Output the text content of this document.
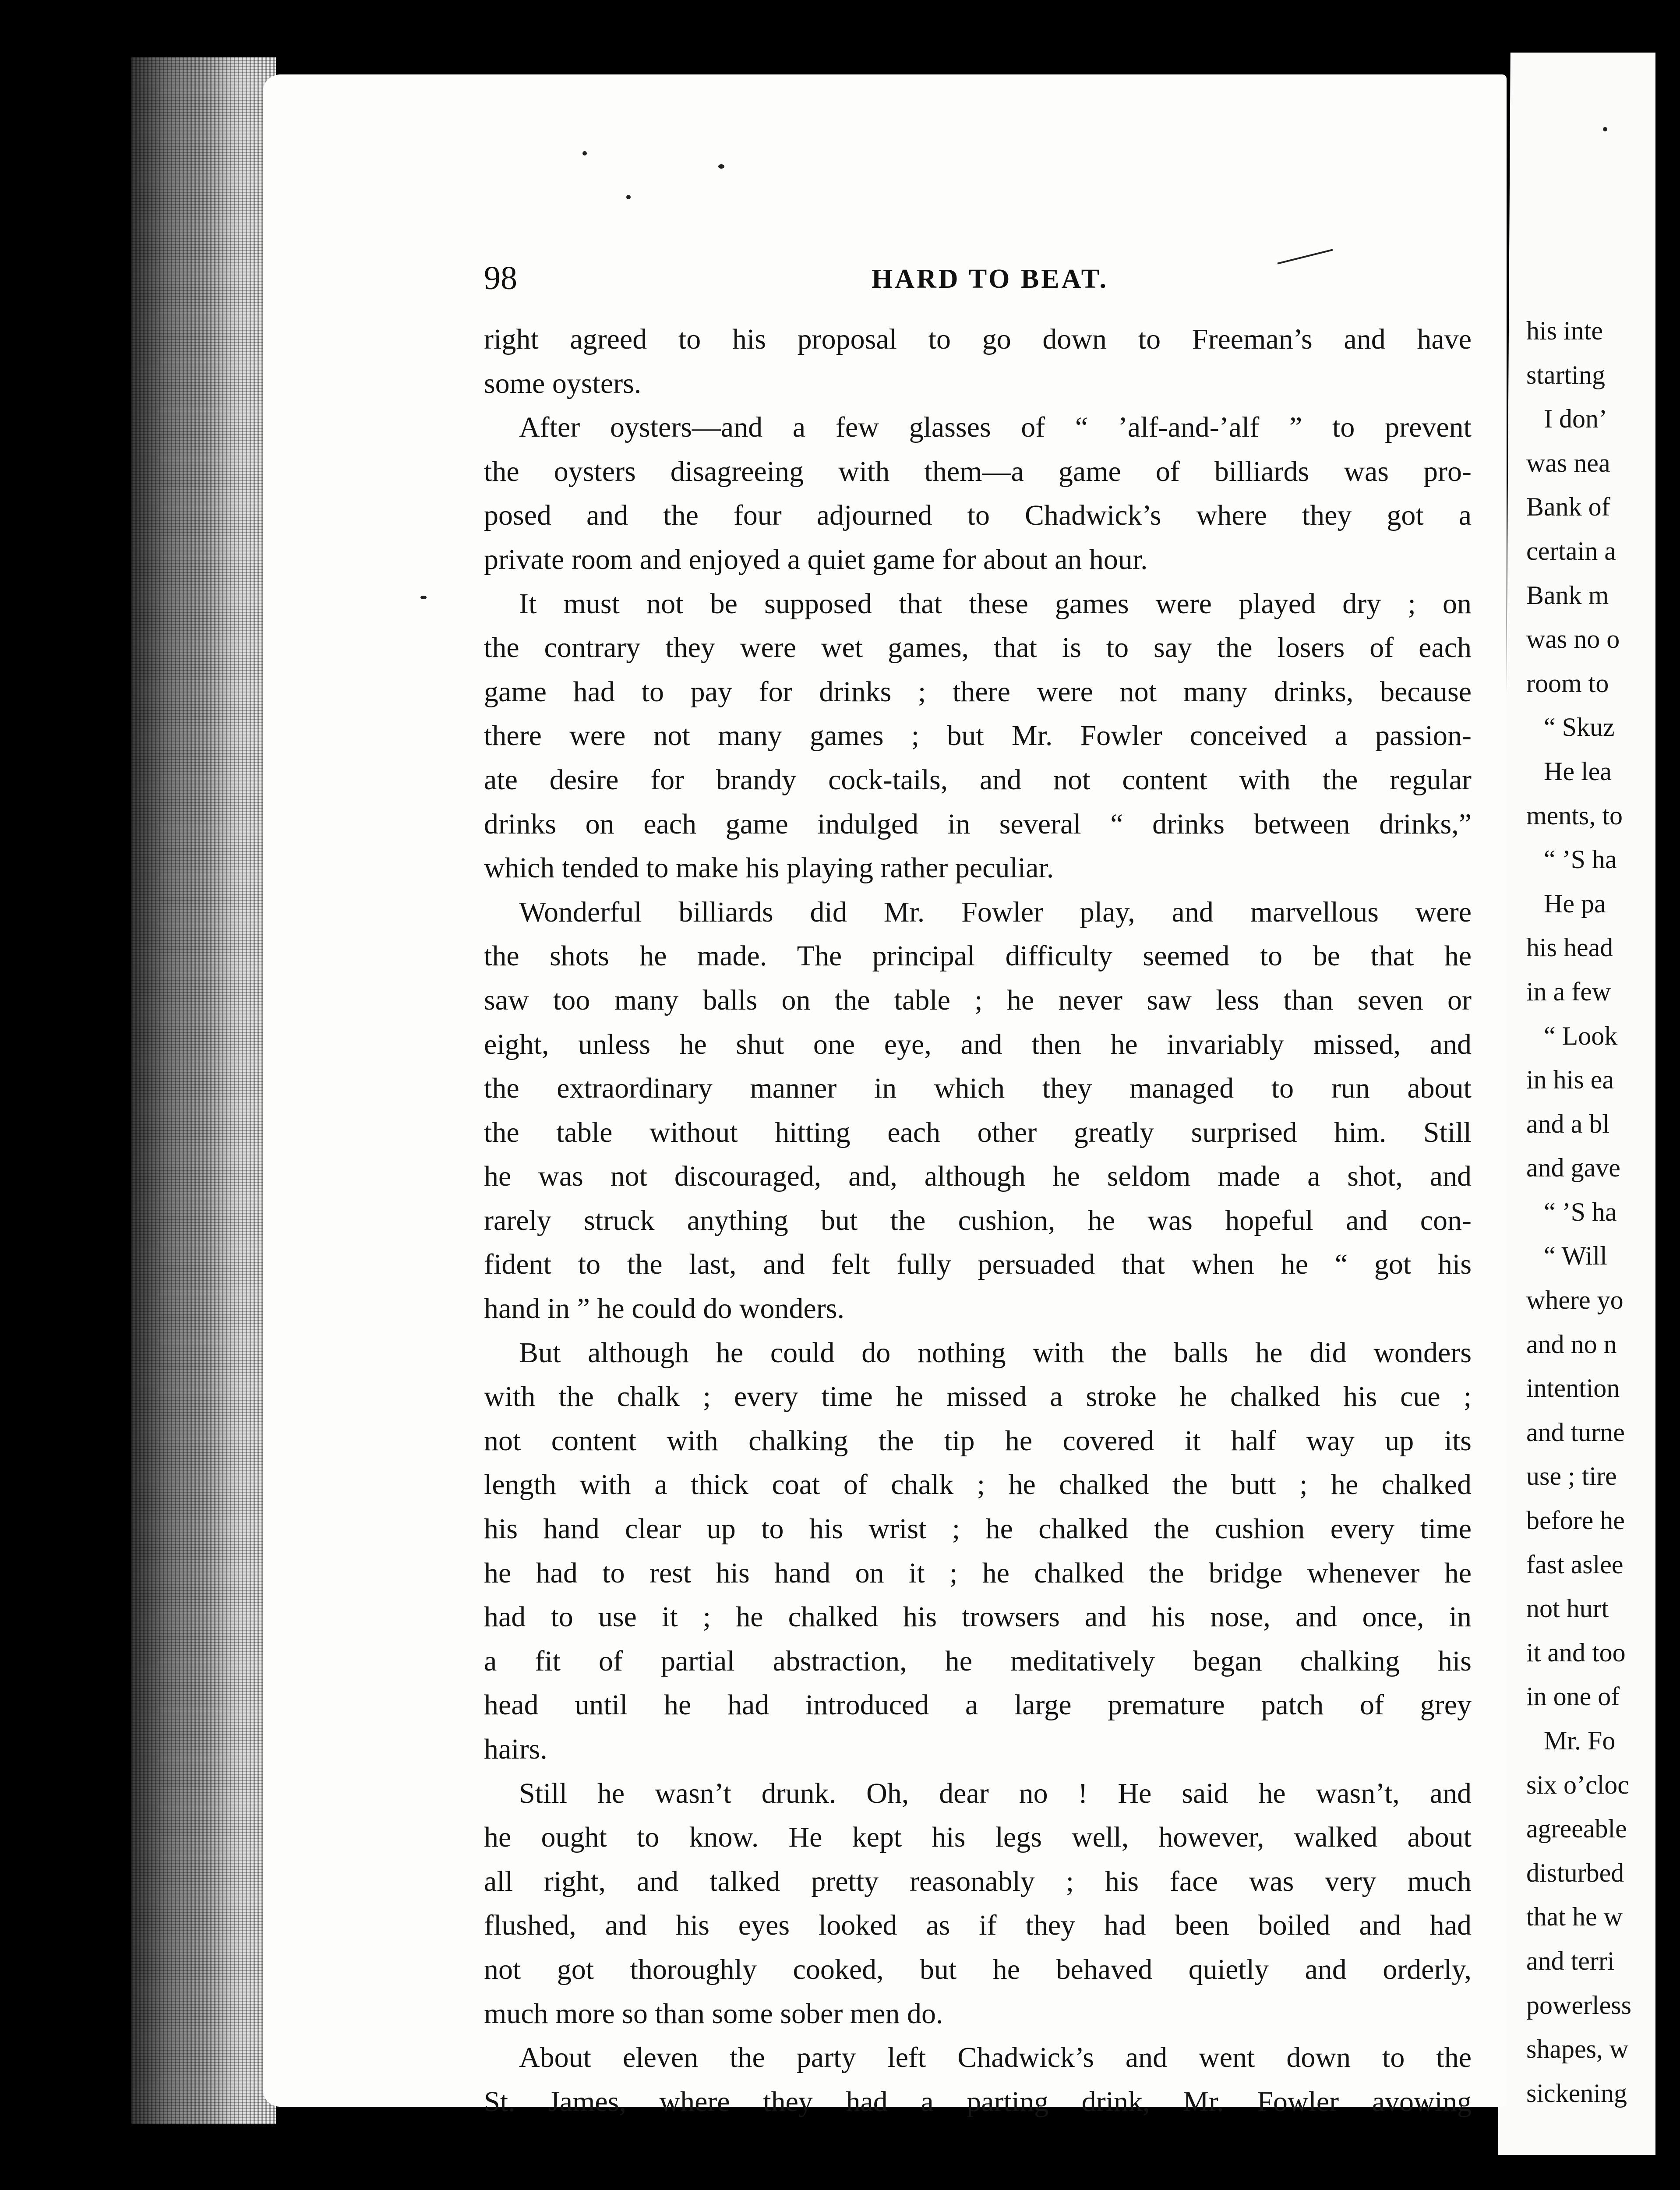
98	HARD TO BEAT.
right agreed to his proposal to go down to Freeman’s and have
some oysters.
After oysters—and a few glasses of “ ’alf-and-’alf ” to prevent
the oysters disagreeing with them—a game of billiards was pro-
posed and the four adjourned to Chadwick’s where they got a
private room and enjoyed a quiet game for about an hour.
It must not be supposed that these games were played dry ; on
the contrary they were wet games, that is to say the losers of each
game had to pay for drinks ; there were not many drinks, because
there were not many games ; but Mr. Fowler conceived a passion-
ate desire for brandy cock-tails, and not content with the regular
drinks on each game indulged in several “ drinks between drinks,”
which tended to make his playing rather peculiar.
Wonderful billiards did Mr. Fowler play, and marvellous were
the shots he made. The principal difficulty seemed to be that he
saw too many balls on the table ; he never saw less than seven or
eight, unless he shut one eye, and then he invariably missed, and
the extraordinary manner in which they managed to run about
the table without hitting each other greatly surprised him. Still
he was not discouraged, and, although he seldom made a shot, and
rarely struck anything but the cushion, he was hopeful and con-
fident to the last, and felt fully persuaded that when he “ got his
hand in ” he could do wonders.
But although he could do nothing with the balls he did wonders
with the chalk ; every time he missed a stroke he chalked his cue ;
not content with chalking the tip he covered it half way up its
length with a thick coat of chalk ; he chalked the butt ; he chalked
his hand clear up to his wrist ; he chalked the cushion every time
he had to rest his hand on it ; he chalked the bridge whenever he
had to use it ; he chalked his trowsers and his nose, and once, in
a fit of partial abstraction, he meditatively began chalking his
head until he had introduced a large premature patch of grey
hairs.
Still he wasn’t drunk. Oh, dear no ! He said he wasn’t, and
he ought to know. He kept his legs well, however, walked about
all right, and talked pretty reasonably ; his face was very much
flushed, and his eyes looked as if they had been boiled and had
not got thoroughly cooked, but he behaved quietly and orderly,
much more so than some sober men do.
About eleven the party left Chadwick’s and went down to the
St. James, where they had a parting drink, Mr. Fowler avowing
his inte
starting
I don’
was nea
Bank of
certain a
Bank m
was no o
room to
“ Skuz
He lea
ments, to
“ ’S ha
He pa
his head
in a few
“ Look
in his ea
and a bl
and gave
“ ’S ha
“ Will
where yo
and no n
intention
and turne
use ; tire
before he
fast aslee
not hurt
it and too
in one of
Mr. Fo
six o’cloc
agreeable
disturbed
that he w
and terri
powerless
shapes, w
sickening
